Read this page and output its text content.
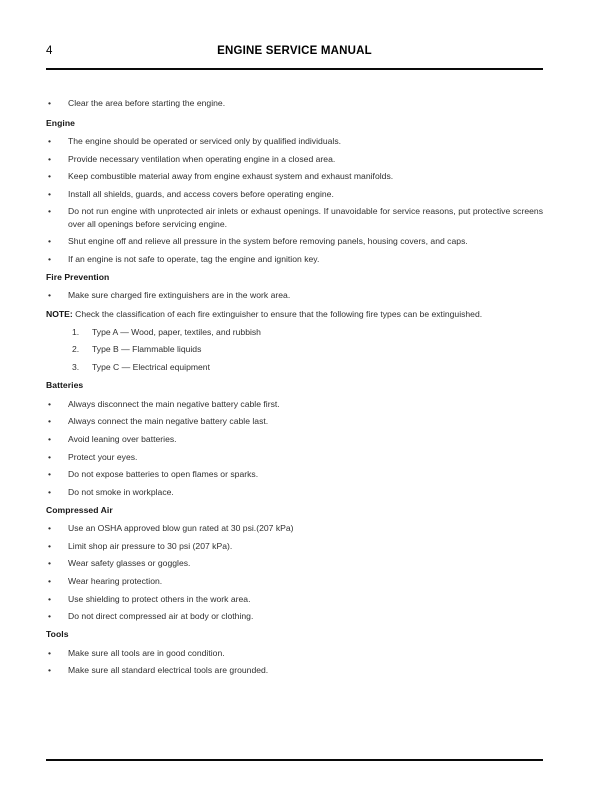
4	ENGINE SERVICE MANUAL
• Clear the area before starting the engine.
Engine
• The engine should be operated or serviced only by qualified individuals.
• Provide necessary ventilation when operating engine in a closed area.
• Keep combustible material away from engine exhaust system and exhaust manifolds.
• Install all shields, guards, and access covers before operating engine.
• Do not run engine with unprotected air inlets or exhaust openings. If unavoidable for service reasons, put protective screens over all openings before servicing engine.
• Shut engine off and relieve all pressure in the system before removing panels, housing covers, and caps.
• If an engine is not safe to operate, tag the engine and ignition key.
Fire Prevention
• Make sure charged fire extinguishers are in the work area.
NOTE: Check the classification of each fire extinguisher to ensure that the following fire types can be extinguished.
1. Type A — Wood, paper, textiles, and rubbish
2. Type B — Flammable liquids
3. Type C — Electrical equipment
Batteries
• Always disconnect the main negative battery cable first.
• Always connect the main negative battery cable last.
• Avoid leaning over batteries.
• Protect your eyes.
• Do not expose batteries to open flames or sparks.
• Do not smoke in workplace.
Compressed Air
• Use an OSHA approved blow gun rated at 30 psi.(207 kPa)
• Limit shop air pressure to 30 psi (207 kPa).
• Wear safety glasses or goggles.
• Wear hearing protection.
• Use shielding to protect others in the work area.
• Do not direct compressed air at body or clothing.
Tools
• Make sure all tools are in good condition.
• Make sure all standard electrical tools are grounded.
